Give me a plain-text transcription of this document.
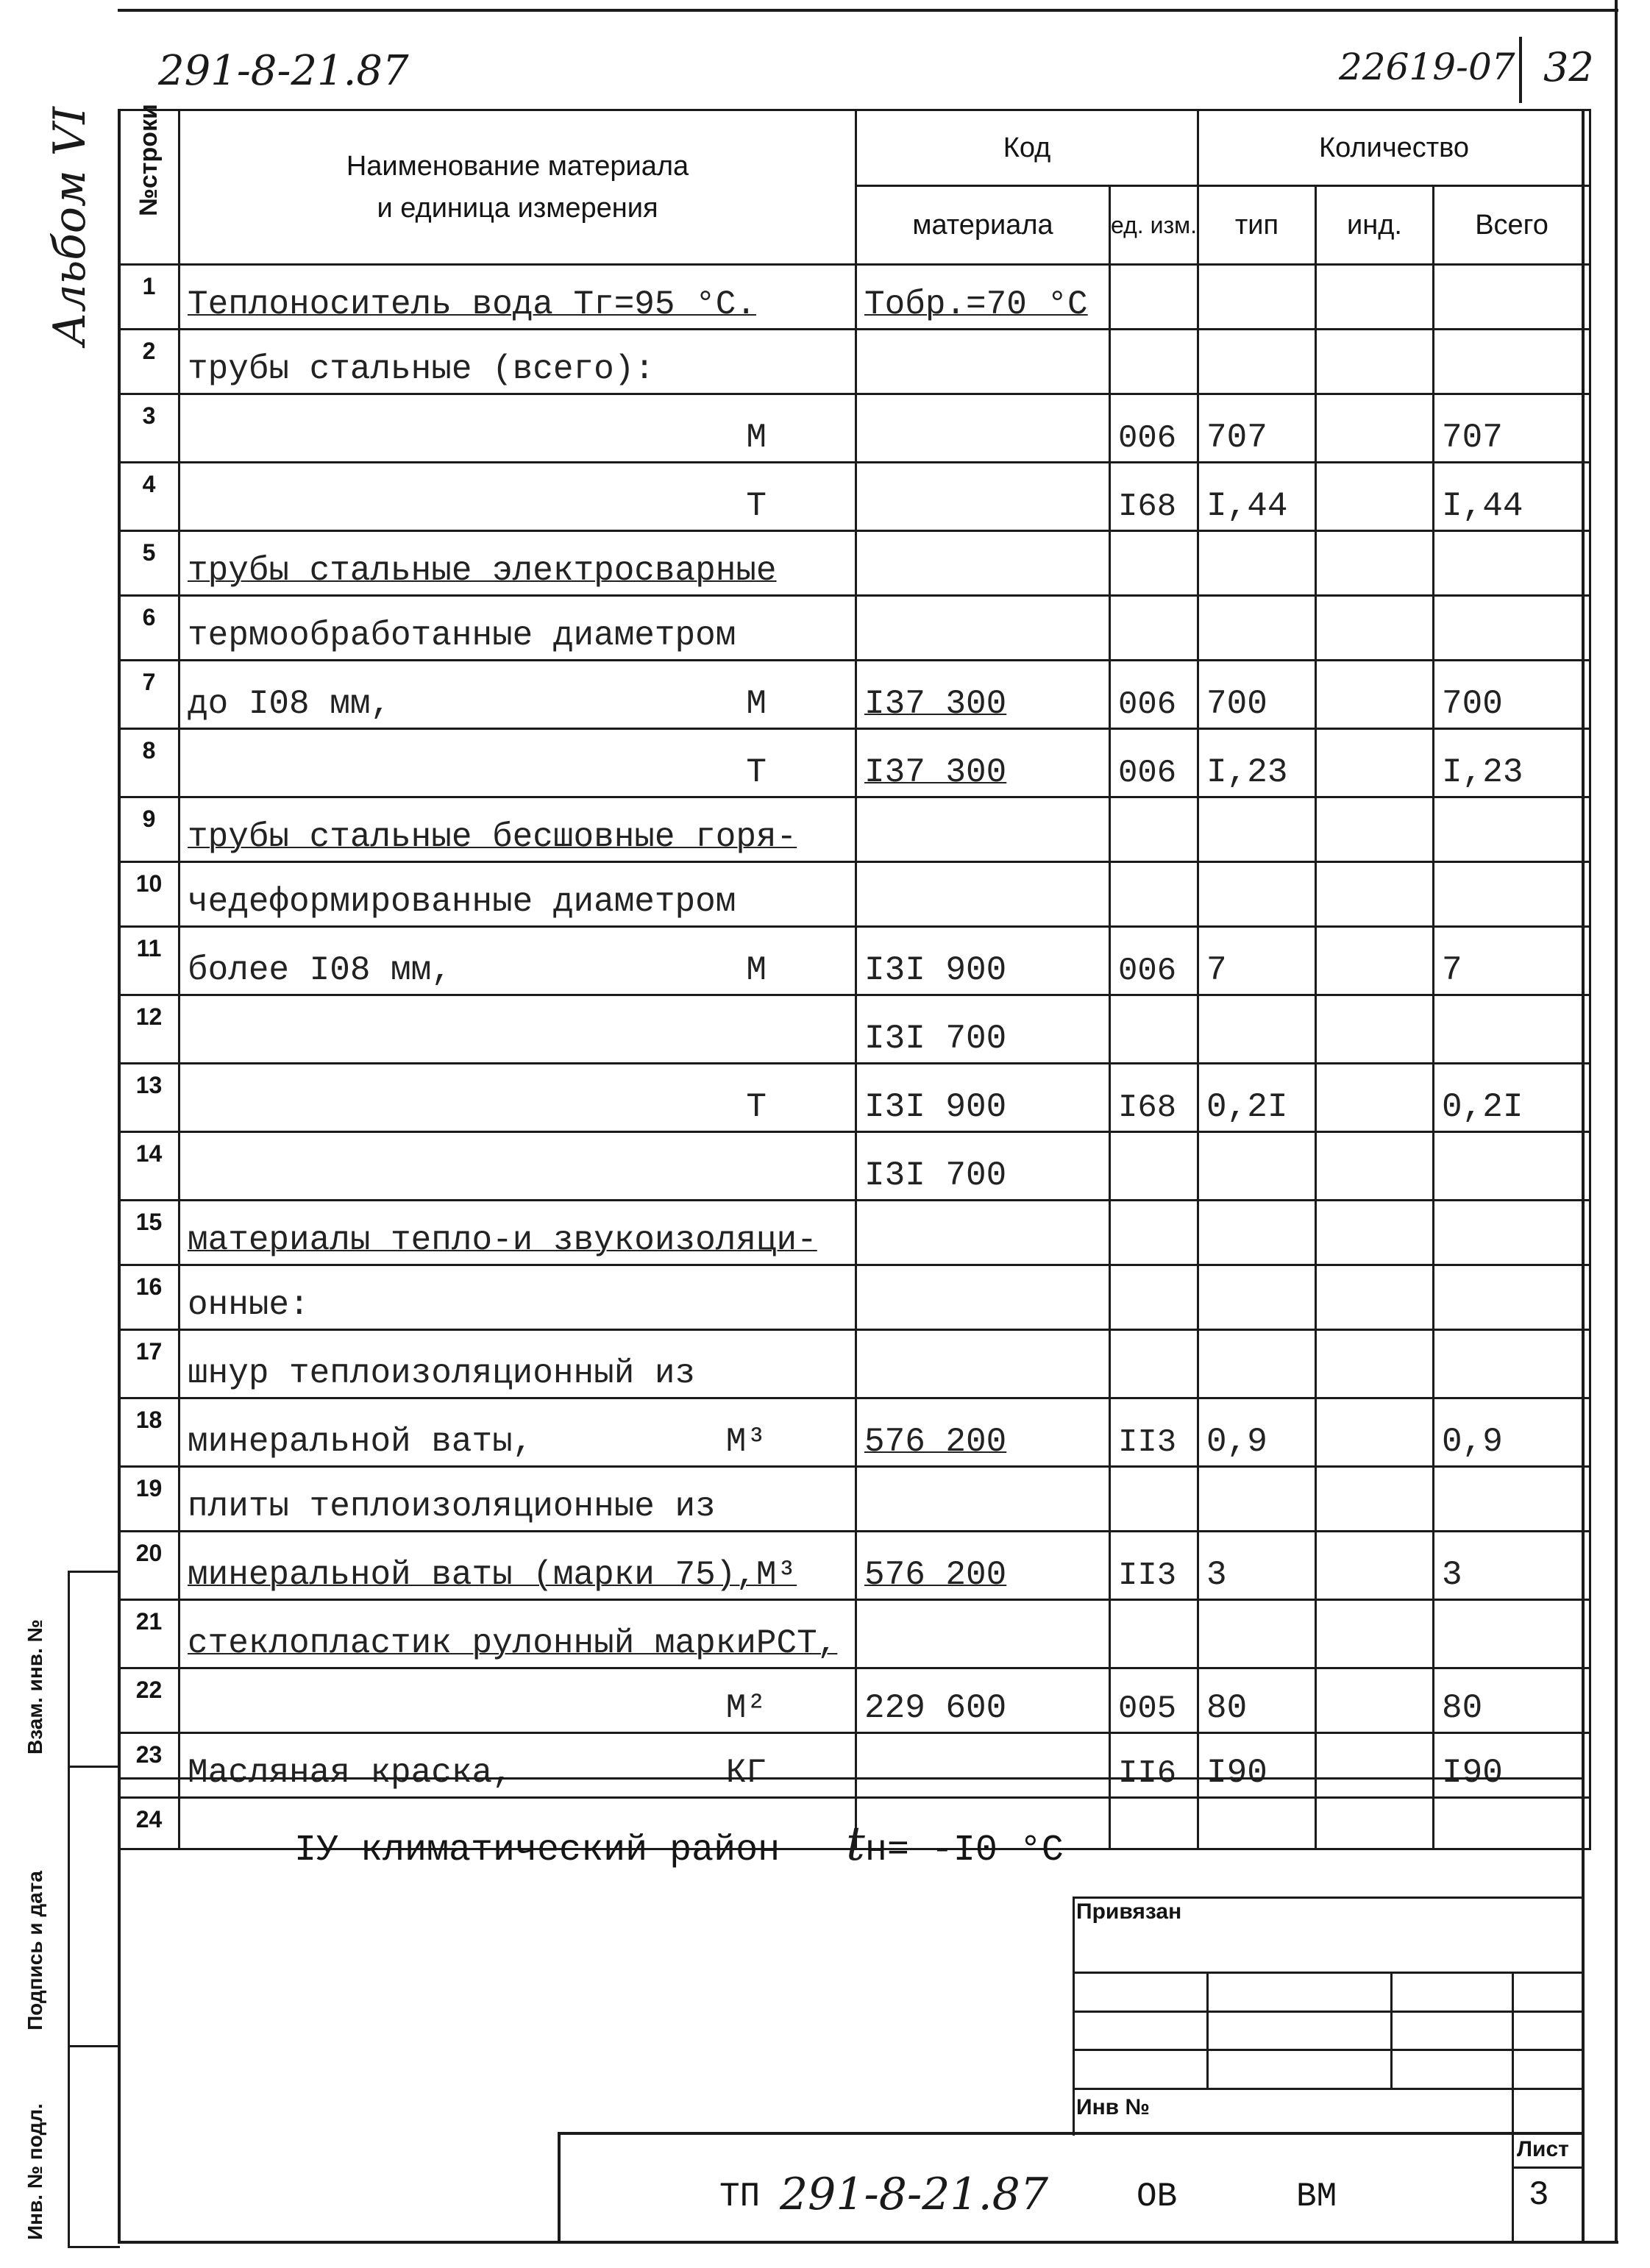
291-8-21.87	22619-07 32
Альбом VI
Взам. инв. №
Подпись и дата
Инв. № подл.
№строки	Наименование материала
и единица измерения	Код		Количество		
		материала	ед. изм.	тип	инд.	Всего
1	Теплоноситель вода Тг=95 °С.	Тобр.=70 °С				
2	трубы стальные (всего):					

3	М		006	707		707
4	Т		I68	I,44		I,44
5	трубы стальные электросварные					

6	термообработанные диаметром					

7	до I08 мм, М	I37 300	006	700		700
8	Т	I37 300	006	I,23		I,23
9	трубы стальные бесшовные горя-					

10	чедеформированные диаметром					

11	более I08 мм, М	I3I 900	006	7		7
12		I3I 700				
13	Т	I3I 900	I68	0,2I		0,2I
14		I3I 700				
15	материалы тепло-и звукоизоляци-					

16	онные:					

17	шнур теплоизоляционный из					

18	минеральной ваты, М³	576 200	II3	0,9		0,9
19	плиты теплоизоляционные из					

20	минеральной ваты (марки 75),М³	576 200	II3	3		3
21	стеклопластик рулонный маркиРСТ,					

22	М²	229 600	005	80		80
23	Масляная краска, КГ		II6	I90		I90
24	

IУ климатический район tн= -I0 °С
Привязан
Инв №
Лист
3
ТП 291-8-21.87	ОВ	ВМ
